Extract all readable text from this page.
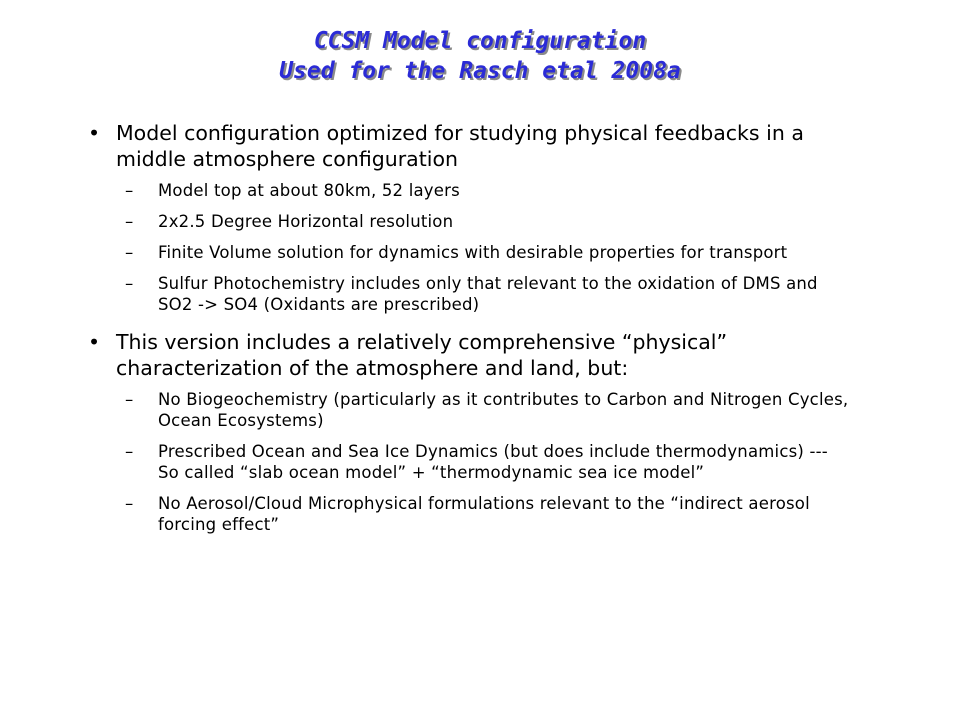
CCSM Model configuration
Used for the Rasch etal 2008a
• Model configuration optimized for studying physical feedbacks in a middle atmosphere configuration
– Model top at about 80km, 52 layers
– 2x2.5 Degree Horizontal resolution
– Finite Volume solution for dynamics with desirable properties for transport
– Sulfur Photochemistry includes only that relevant to the oxidation of DMS and SO2 -> SO4 (Oxidants are prescribed)
• This version includes a relatively comprehensive “physical” characterization of the atmosphere and land, but:
– No Biogeochemistry (particularly as it contributes to Carbon and Nitrogen Cycles, Ocean Ecosystems)
– Prescribed Ocean and Sea Ice Dynamics (but does include thermodynamics) --- So called “slab ocean model” + “thermodynamic sea ice model”
– No Aerosol/Cloud Microphysical formulations relevant to the “indirect aerosol forcing effect”
